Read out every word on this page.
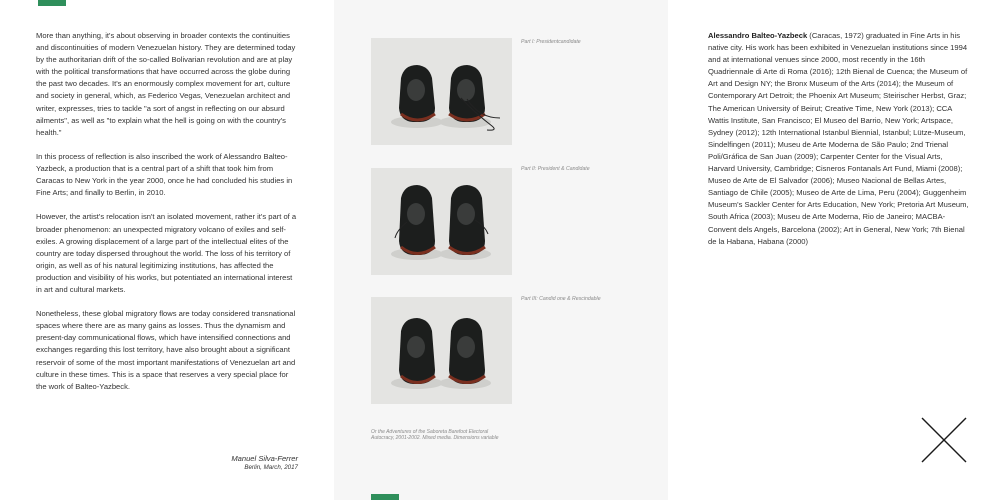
More than anything, it's about observing in broader contexts the continuities and discontinuities of modern Venezuelan history. They are determined today by the authoritarian drift of the so-called Bolivarian revolution and are at play with the political transformations that have occurred across the globe during the past two decades. It's an enormously complex movement for art, culture and society in general, which, as Federico Vegas, Venezuelan architect and writer, expresses, tries to tackle "a sort of angst in reflecting on our absurd ailments", as well as "to explain what the hell is going on with the country's health."

In this process of reflection is also inscribed the work of Alessandro Balteo-Yazbeck, a production that is a central part of a shift that took him from Caracas to New York in the year 2000, once he had concluded his studies in Fine Arts; and finally to Berlin, in 2010.

However, the artist's relocation isn't an isolated movement, rather it's part of a broader phenomenon: an unexpected migratory volcano of exiles and self-exiles. A growing displacement of a large part of the intellectual elites of the country are today dispersed throughout the world. The loss of his territory of origin, as well as of his natural legitimizing institutions, has affected the production and visibility of his works, but potentiated an international interest in art and cultural markets.

Nonetheless, these global migratory flows are today considered transnational spaces where there are as many gains as losses. Thus the dynamism and present-day communicational flows, which have intensified connections and exchanges regarding this lost territory, have also brought about a significant reservoir of some of the most important manifestations of Venezuelan art and culture in these times. This is a space that reserves a very special place for the work of Balteo-Yazbeck.

Manuel Silva-Ferrer
Berlin, March, 2017
Part I: Presidentcandidate
Part II: President & Candidate
Part III: Candid one & Rescindable
Or the Adventures of the Saboreta Barefoot Electoral Autocracy, 2001-2002. Mixed media. Dimensions variable
Alessandro Balteo-Yazbeck (Caracas, 1972) graduated in Fine Arts in his native city. His work has been exhibited in Venezuelan institutions since 1994 and at international venues since 2000, most recently in the 16th Quadriennale di Arte di Roma (2016); 12th Bienal de Cuenca; the Museum of Art and Design NY; the Bronx Museum of the Arts (2014); the Museum of Contemporary Art Detroit; the Phoenix Art Museum; Steirischer Herbst, Graz; The American University of Beirut; Creative Time, New York (2013); CCA Wattis Institute, San Francisco; El Museo del Barrio, New York; Artspace, Sydney (2012); 12th International Istanbul Biennial, Istanbul; Lütze-Museum, Sindelfingen (2011); Museu de Arte Moderna de São Paulo; 2nd Trienal Poli/Gráfica de San Juan (2009); Carpenter Center for the Visual Arts, Harvard University, Cambridge; Cisneros Fontanals Art Fund, Miami (2008); Museo de Arte de El Salvador (2006); Museo Nacional de Bellas Artes, Santiago de Chile (2005); Museo de Arte de Lima, Peru (2004); Guggenheim Museum's Sackler Center for Arts Education, New York; Pretoria Art Museum, South Africa (2003); Museu de Arte Moderna, Rio de Janeiro; MACBA-Convent dels Angels, Barcelona (2002); Art in General, New York; 7th Bienal de la Habana, Habana (2000)
